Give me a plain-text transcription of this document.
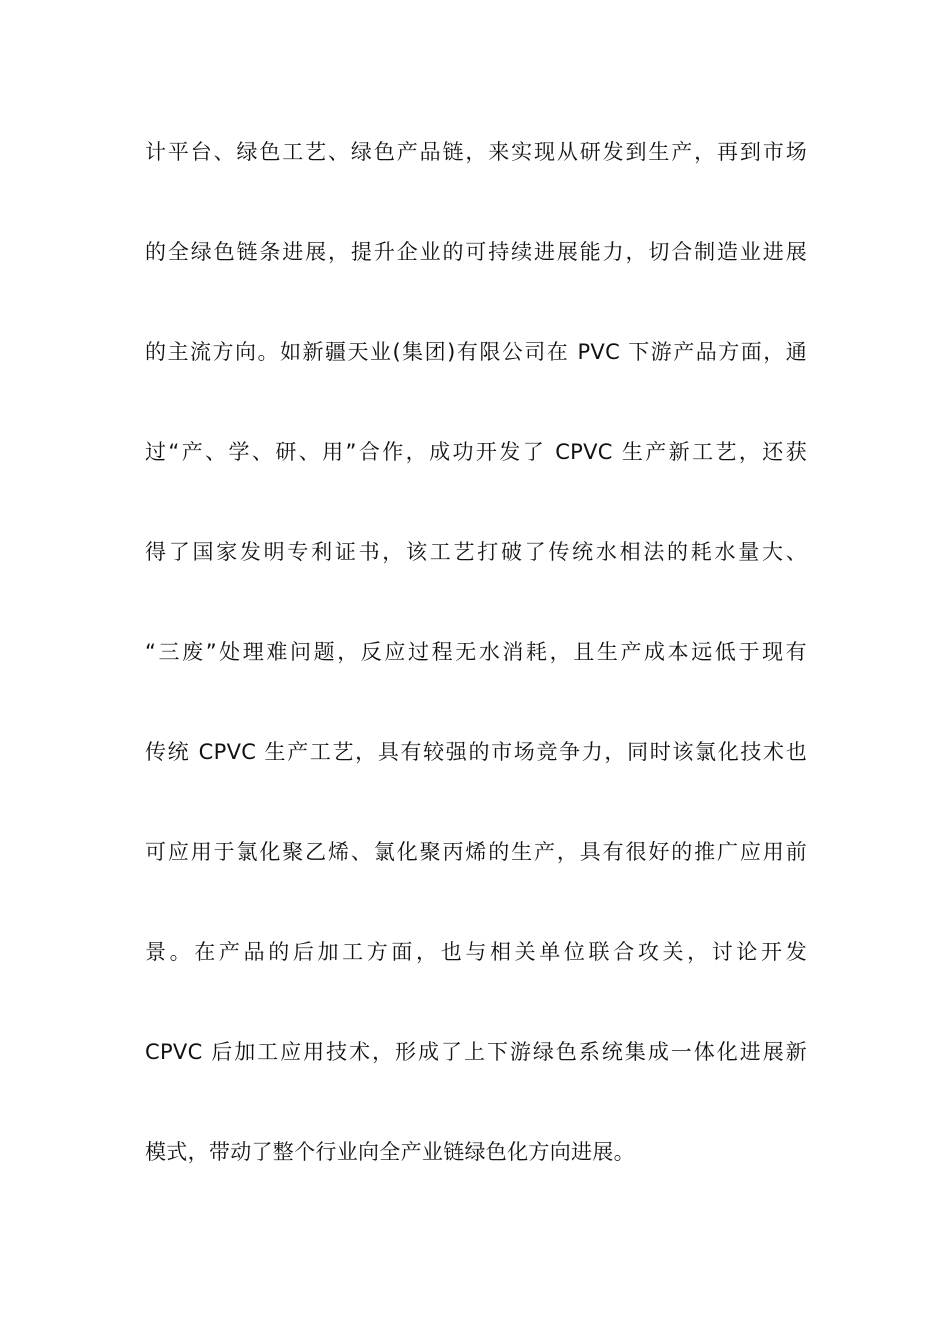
计平台、绿色工艺、绿色产品链，来实现从研发到生产，再到市场
的全绿色链条进展，提升企业的可持续进展能力，切合制造业进展
的主流方向。如新疆天业(集团)有限公司在 PVC 下游产品方面，通
过“产、学、研、用”合作，成功开发了 CPVC 生产新工艺，还获
得了国家发明专利证书，该工艺打破了传统水相法的耗水量大、
“三废”处理难问题，反应过程无水消耗，且生产成本远低于现有
传统 CPVC 生产工艺，具有较强的市场竞争力，同时该氯化技术也
可应用于氯化聚乙烯、氯化聚丙烯的生产，具有很好的推广应用前
景。在产品的后加工方面，也与相关单位联合攻关，讨论开发
CPVC 后加工应用技术，形成了上下游绿色系统集成一体化进展新
模式，带动了整个行业向全产业链绿色化方向进展。
